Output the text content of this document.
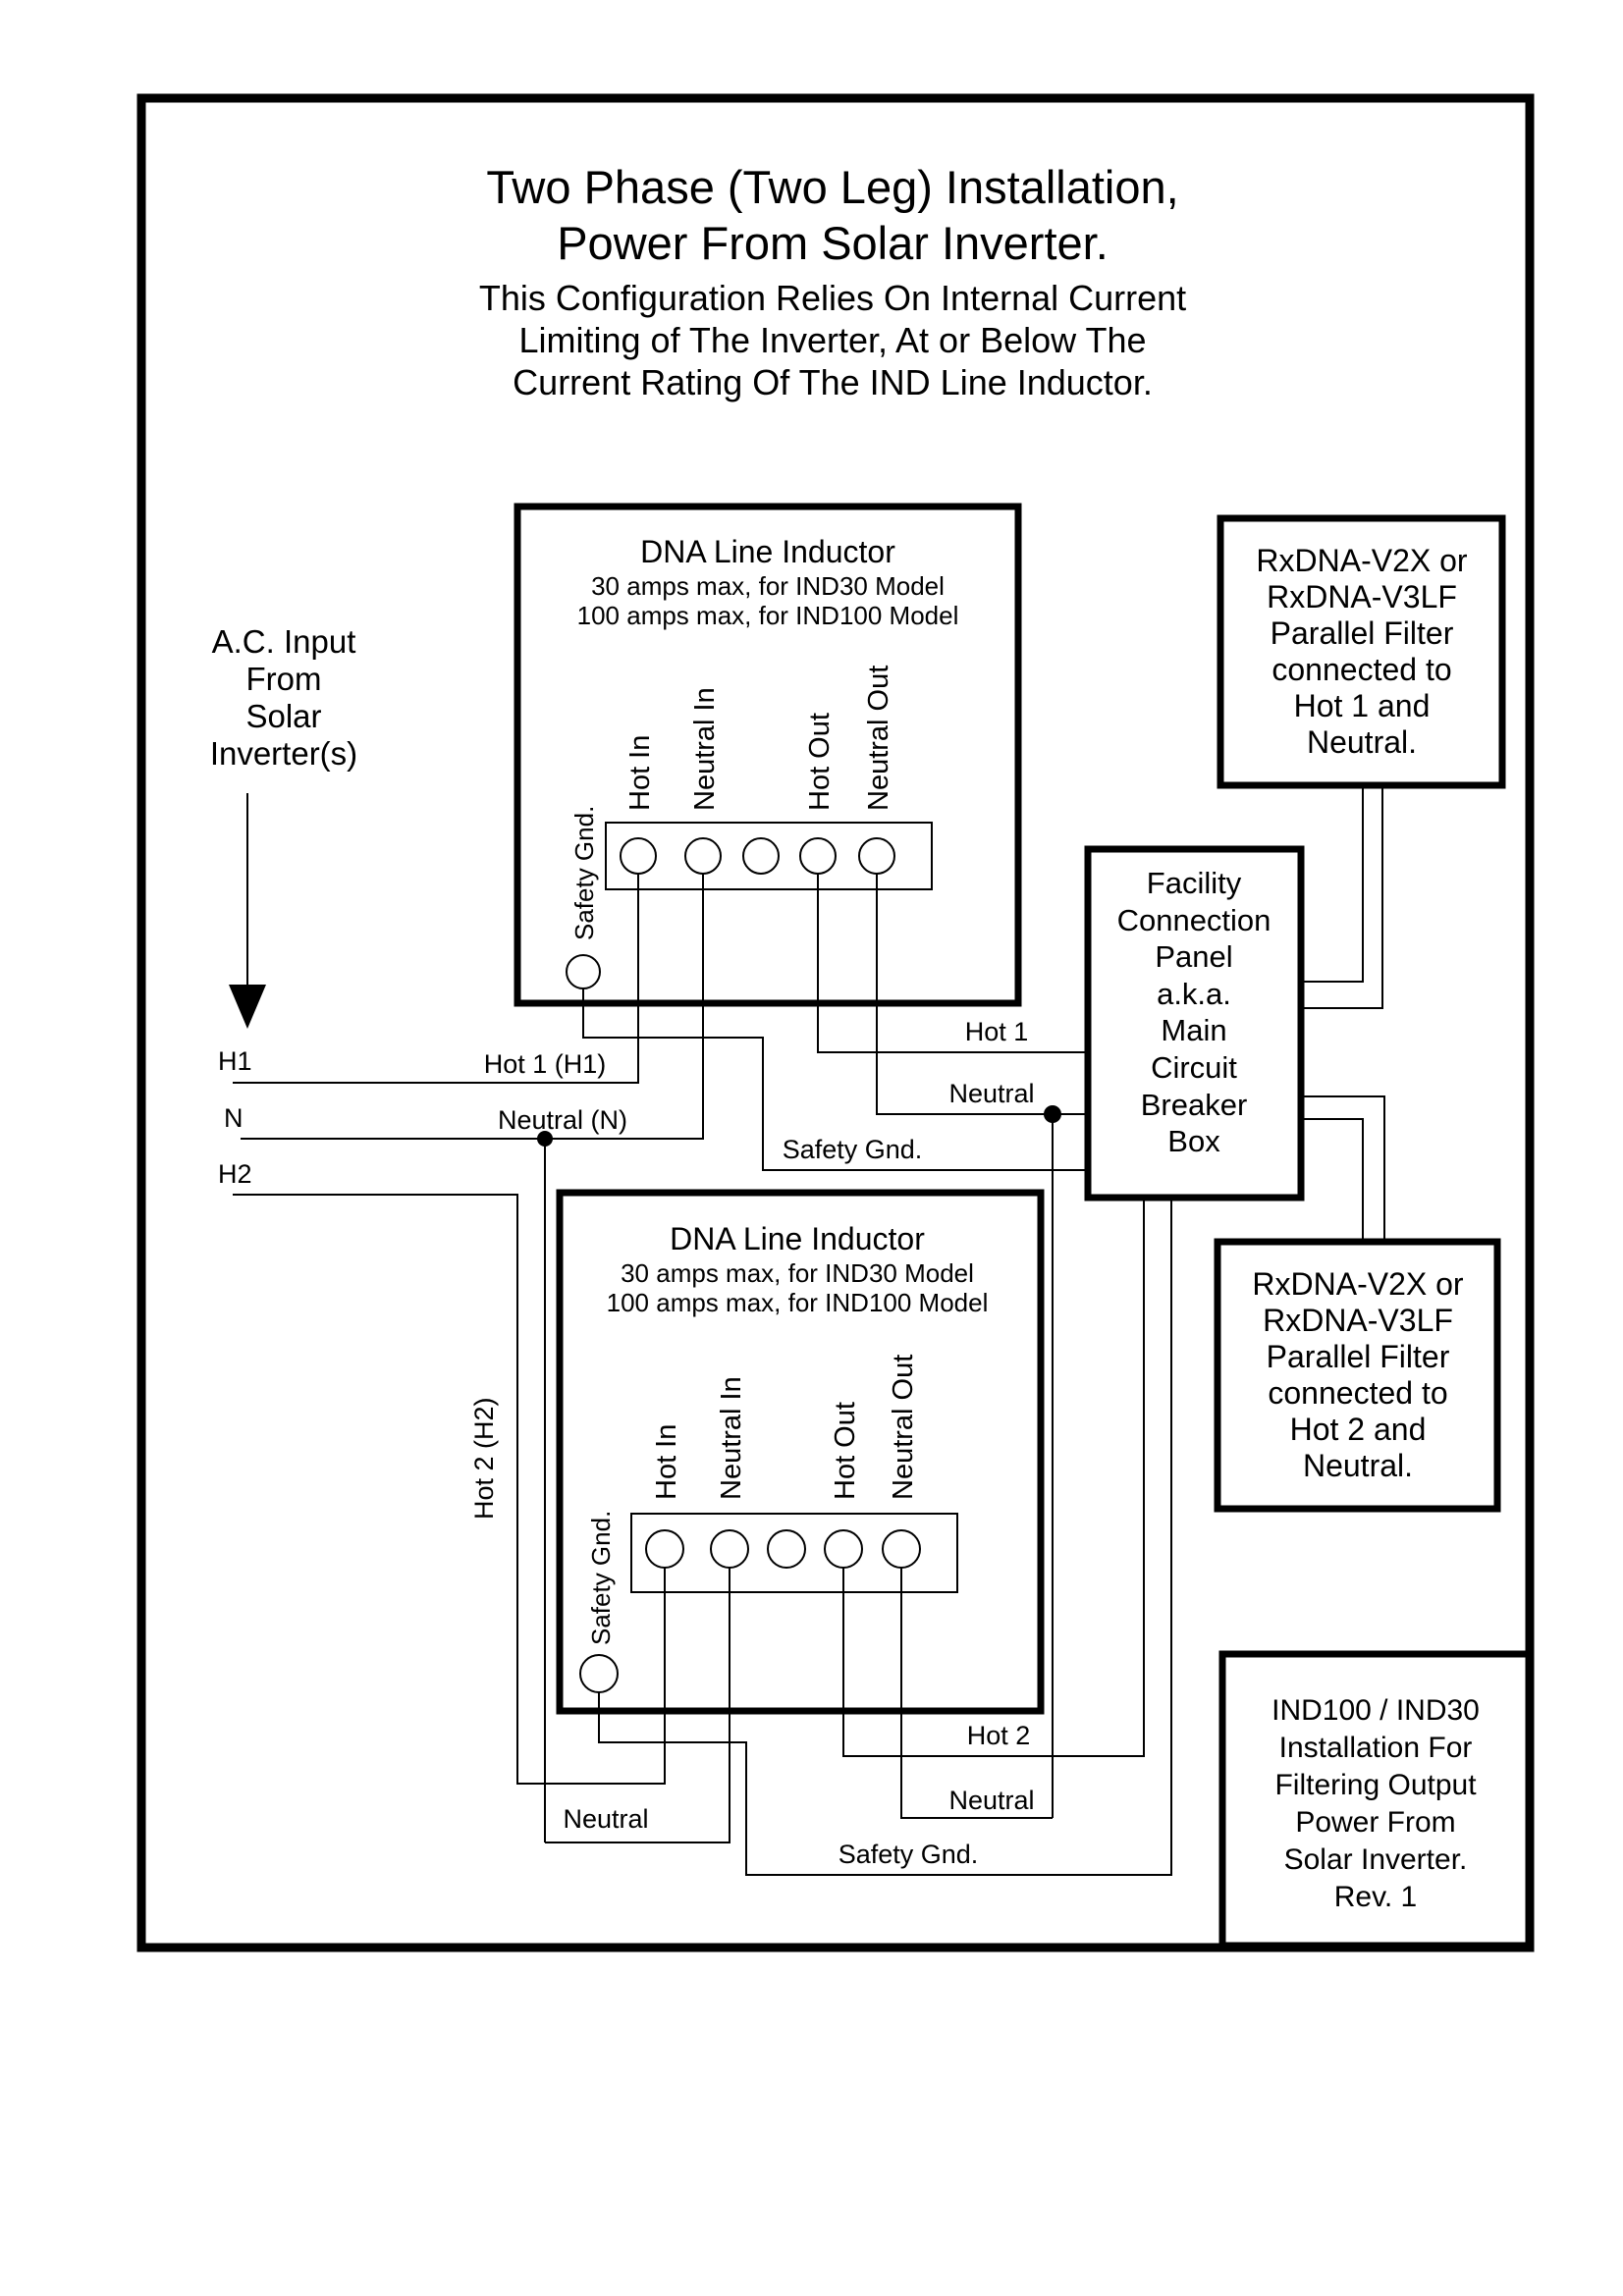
Two Phase (Two Leg) Installation,
Power From Solar Inverter.
This Configuration Relies On Internal Current
Limiting of The Inverter, At or Below The
Current Rating Of The IND Line Inductor.
A.C. Input
From
Solar
Inverter(s)
DNA Line Inductor
30 amps max, for IND30 Model
100 amps max, for IND100 Model
Hot In Neutral In	Hot Out Neutral Out
Safety Gnd.
DNA Line Inductor
30 amps max, for IND30 Model
100 amps max, for IND100 Model
Hot In Neutral In	Hot Out Neutral Out
Safety Gnd.
Facility
Connection
Panel
a.k.a.
Main
Circuit
Breaker
Box
RxDNA-V2X or
RxDNA-V3LF
Parallel Filter
connected to
Hot 1 and
Neutral.
RxDNA-V2X or
RxDNA-V3LF
Parallel Filter
connected to
Hot 2 and
Neutral.
IND100 / IND30
Installation For
Filtering Output
Power From
Solar Inverter.
Rev. 1
H1	Hot 1 (H1)
N	Neutral (N)
H2
Hot 2 (H2)
Hot 1
Neutral
Safety Gnd.
Neutral
Hot 2
Neutral
Safety Gnd.
